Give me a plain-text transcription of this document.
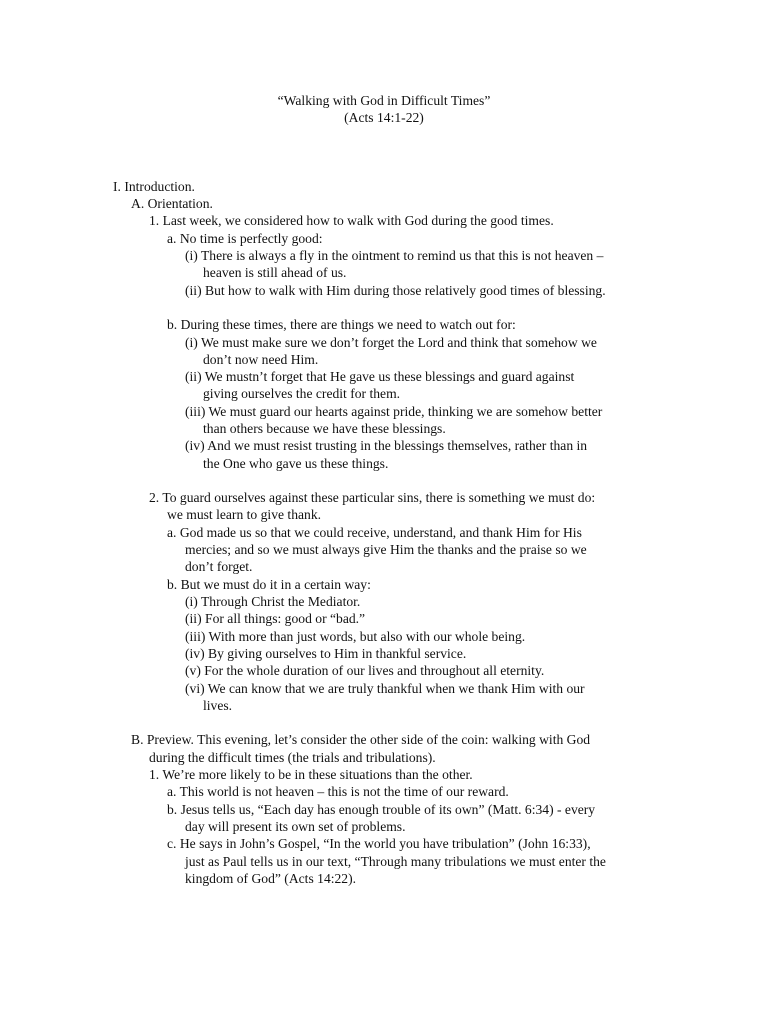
“Walking with God in Difficult Times”
(Acts 14:1-22)
I. Introduction.
A. Orientation.
1. Last week, we considered how to walk with God during the good times.
a. No time is perfectly good:
(i) There is always a fly in the ointment to remind us that this is not heaven –
heaven is still ahead of us.
(ii) But how to walk with Him during those relatively good times of blessing.
b. During these times, there are things we need to watch out for:
(i) We must make sure we don’t forget the Lord and think that somehow we
don’t now need Him.
(ii) We mustn’t forget that He gave us these blessings and guard against
giving ourselves the credit for them.
(iii) We must guard our hearts against pride, thinking we are somehow better
than others because we have these blessings.
(iv) And we must resist trusting in the blessings themselves, rather than in
the One who gave us these things.
2. To guard ourselves against these particular sins, there is something we must do:
we must learn to give thank.
a. God made us so that we could receive, understand, and thank Him for His
mercies; and so we must always give Him the thanks and the praise so we
don’t forget.
b. But we must do it in a certain way:
(i) Through Christ the Mediator.
(ii) For all things: good or “bad.”
(iii) With more than just words, but also with our whole being.
(iv) By giving ourselves to Him in thankful service.
(v) For the whole duration of our lives and throughout all eternity.
(vi) We can know that we are truly thankful when we thank Him with our
lives.
B. Preview. This evening, let’s consider the other side of the coin: walking with God
during the difficult times (the trials and tribulations).
1. We’re more likely to be in these situations than the other.
a. This world is not heaven – this is not the time of our reward.
b. Jesus tells us, “Each day has enough trouble of its own” (Matt. 6:34) - every
day will present its own set of problems.
c. He says in John’s Gospel, “In the world you have tribulation” (John 16:33),
just as Paul tells us in our text, “Through many tribulations we must enter the
kingdom of God” (Acts 14:22).
